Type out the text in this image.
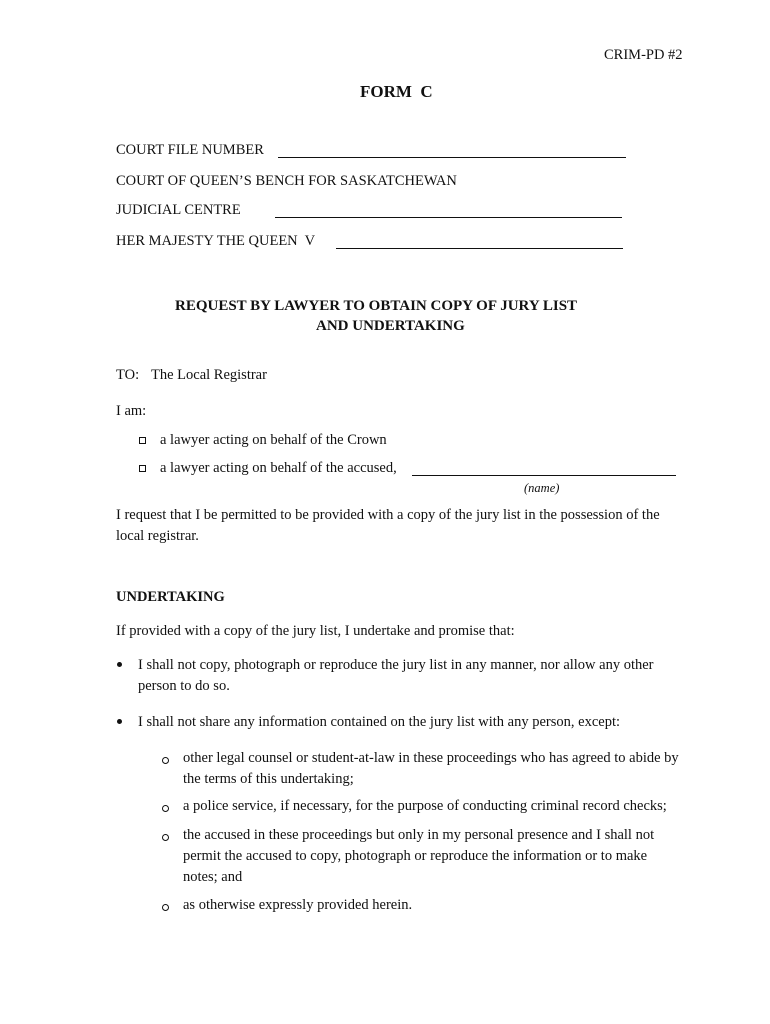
CRIM-PD #2
FORM  C
COURT FILE NUMBER
COURT OF QUEEN’S BENCH FOR SASKATCHEWAN
JUDICIAL CENTRE
HER MAJESTY THE QUEEN  V
REQUEST BY LAWYER TO OBTAIN COPY OF JURY LIST
AND UNDERTAKING
TO: The Local Registrar
I am:
a lawyer acting on behalf of the Crown
a lawyer acting on behalf of the accused,
(name)
I request that I be permitted to be provided with a copy of the jury list in the possession of the local registrar.
UNDERTAKING
If provided with a copy of the jury list, I undertake and promise that:
I shall not copy, photograph or reproduce the jury list in any manner, nor allow any other person to do so.
I shall not share any information contained on the jury list with any person, except:
other legal counsel or student-at-law in these proceedings who has agreed to abide by the terms of this undertaking;
a police service, if necessary, for the purpose of conducting criminal record checks;
the accused in these proceedings but only in my personal presence and I shall not permit the accused to copy, photograph or reproduce the information or to make notes; and
as otherwise expressly provided herein.
